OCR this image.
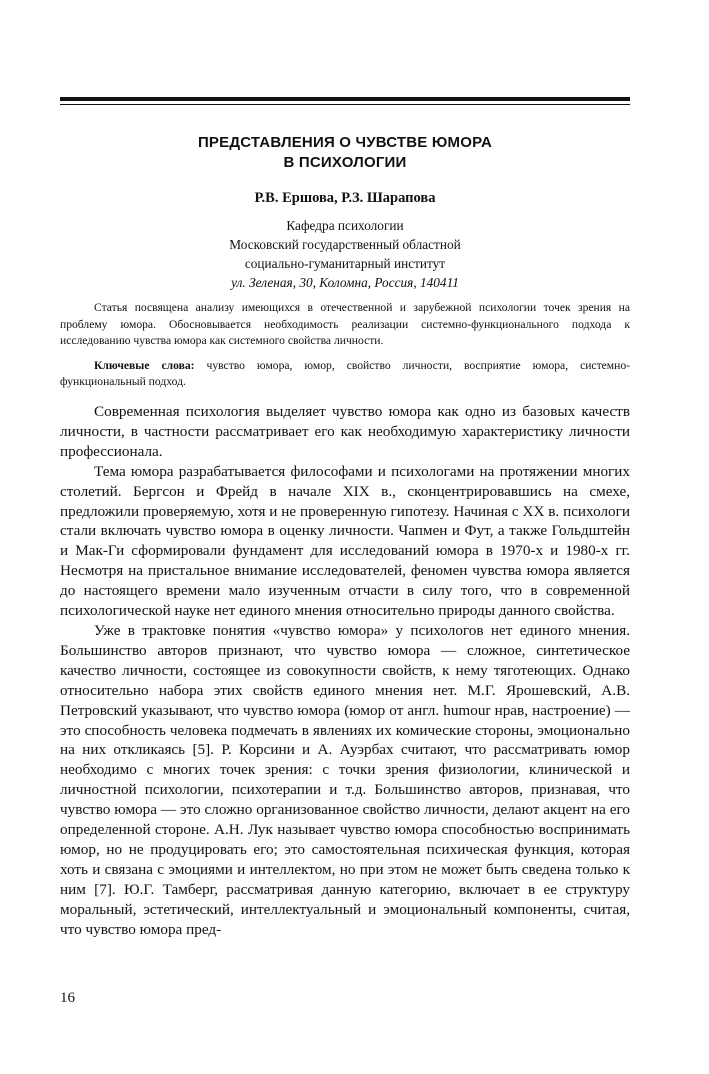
ПРЕДСТАВЛЕНИЯ О ЧУВСТВЕ ЮМОРА
В ПСИХОЛОГИИ
Р.В. Ершова, Р.З. Шарапова
Кафедра психологии
Московский государственный областной
социально-гуманитарный институт
ул. Зеленая, 30, Коломна, Россия, 140411

Статья посвящена анализу имеющихся в отечественной и зарубежной психологии точек зрения на проблему юмора. Обосновывается необходимость реализации системно-функционального подхода к исследованию чувства юмора как системного свойства личности.

Ключевые слова: чувство юмора, юмор, свойство личности, восприятие юмора, системно-функциональный подход.

Современная психология выделяет чувство юмора как одно из базовых качеств личности, в частности рассматривает его как необходимую характеристику личности профессионала.

Тема юмора разрабатывается философами и психологами на протяжении многих столетий. Бергсон и Фрейд в начале XIX в., сконцентрировавшись на смехе, предложили проверяемую, хотя и не проверенную гипотезу. Начиная с XX в. психологи стали включать чувство юмора в оценку личности. Чапмен и Фут, а также Гольдштейн и Мак-Ги сформировали фундамент для исследований юмора в 1970-х и 1980-х гг. Несмотря на пристальное внимание исследователей, феномен чувства юмора является до настоящего времени мало изученным отчасти в силу того, что в современной психологической науке нет единого мнения относительно природы данного свойства.

Уже в трактовке понятия «чувство юмора» у психологов нет единого мнения. Большинство авторов признают, что чувство юмора — сложное, синтетическое качество личности, состоящее из совокупности свойств, к нему тяготеющих. Однако относительно набора этих свойств единого мнения нет. М.Г. Ярошевский, А.В. Петровский указывают, что чувство юмора (юмор от англ. humour нрав, настроение) — это способность человека подмечать в явлениях их комические стороны, эмоционально на них откликаясь [5]. Р. Корсини и А. Ауэрбах считают, что рассматривать юмор необходимо с многих точек зрения: с точки зрения физиологии, клинической и личностной психологии, психотерапии и т.д. Большинство авторов, признавая, что чувство юмора — это сложно организованное свойство личности, делают акцент на его определенной стороне. А.Н. Лук называет чувство юмора способностью воспринимать юмор, но не продуцировать его; это самостоятельная психическая функция, которая хоть и связана с эмоциями и интеллектом, но при этом не может быть сведена только к ним [7]. Ю.Г. Тамберг, рассматривая данную категорию, включает в ее структуру моральный, эстетический, интеллектуальный и эмоциональный компоненты, считая, что чувство юмора пред-

16
